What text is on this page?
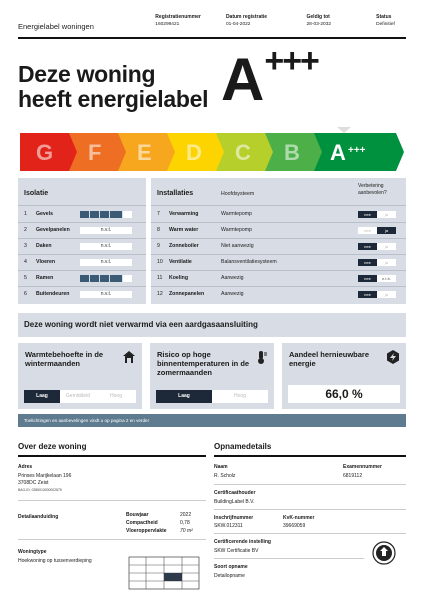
Energielabel woningen
Registratienummer
160299421
Datum registratie
01-04-2022
Geldig tot
28-03-2032
Status
Definitief
Deze woning
heeft energielabel A+++
G F E D C B A +++
Isolatie
1	Gevels
2	Gevelpanelen	n.v.t.
3	Daken	n.v.t.
4	Vloeren	n.v.t.
5	Ramen
6	Buitendeuren	n.v.t.
Installaties	Hoofdsysteem
Verbetering aanbevolen?
7	Verwarming	Warmtepomp	nee	ja
8	Warm water	Warmtepomp	nee	ja
9	Zonneboiler	Niet aanwezig	nee	ja
10	Ventilatie	Balansventilatiesysteem	nee	ja
11	Koeling	Aanwezig	nee	n.t.b.
12	Zonnepanelen	Aanwezig	nee	ja
Deze woning wordt niet verwarmd via een aardgasaansluiting
Warmtebehoefte in de wintermaanden
Laag	Gemiddeld	Hoog
Risico op hoge binnentemperaturen in de zomermaanden
Laag	Hoog
Aandeel hernieuwbare energie
66,0 %
Toelichtingen en aanbevelingen vindt u op pagina 2 en verder
Over deze woning
Adres
Prinses Marijkelaan 196
3708DC Zeist
BAG-ID: 0355010000002875
Detailaanduiding	Bouwjaar	2022
Compactheid	0,78
Vloeroppervlakte	70 m²
Woningtype
Hoekwoning op tussenverdieping
Opnamedetails
Naam
R. Scholz
Examennummer
6819112
Certificaathouder
BuildingLabel B.V.
Inschrijfnummer
SKW.012311
KvK-nummer
39669059
Certificerende instelling
SKW Certificatie BV
Soort opname
Detailopname
